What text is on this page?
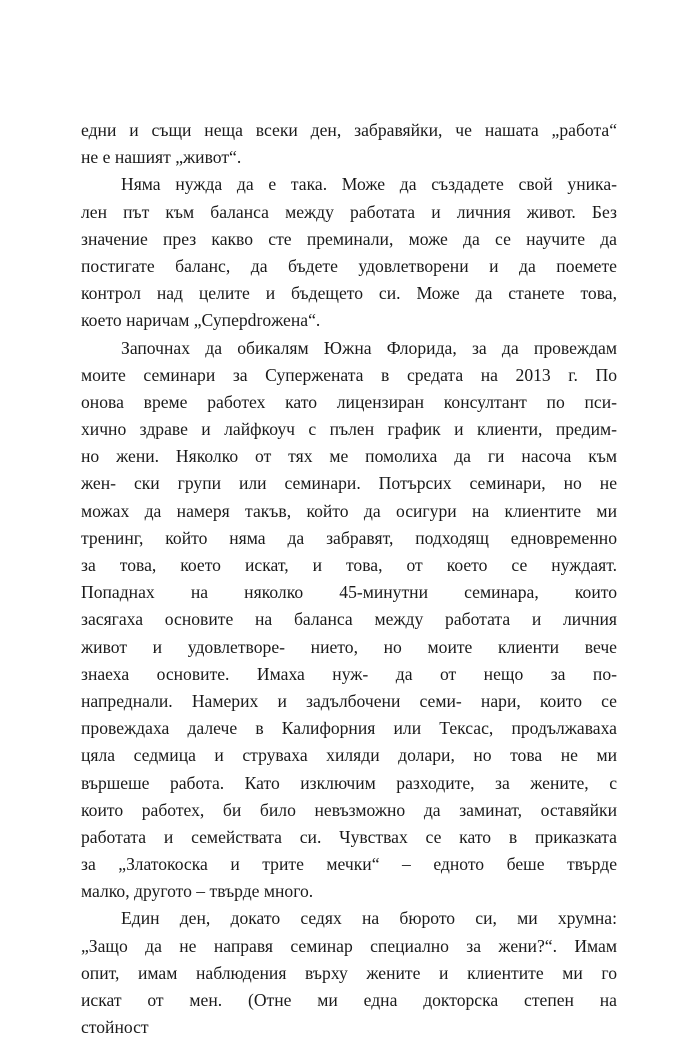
едни и същи неща всеки ден, забравяйки, че нашата „работа“
не е нашият „живот“.
Няма нужда да е така. Може да създадете свой уника-
лен път към баланса между работата и личния живот. Без
значение през какво сте преминали, може да се научите да
постигате баланс, да бъдете удовлетворени и да поемете
контрол над целите и бъдещето си. Може да станете това,
което наричам „Суперdroжена“.
Започнах да обикалям Южна Флорида, за да провеждам
моите семинари за Супержената в средата на 2013 г. По
онова време работех като лицензиран консултант по пси-
хично здраве и лайфкоуч с пълен график и клиенти, предим-
но жени. Няколко от тях ме помолиха да ги насоча към
жен- ски групи или семинари. Потърсих семинари, но не
можах да намеря такъв, който да осигури на клиентите ми
тренинг, който няма да забравят, подходящ едновременно
за това, което искат, и това, от което се нуждаят.
Попаднах на няколко 45-минутни семинара, които
засягаха основите на баланса между работата и личния
живот и удовлетворе- нието, но моите клиенти вече
знаеха основите. Имаха нуж- да от нещо за по-
напреднали. Намерих и задълбочени семи- нари, които се
провеждаха далече в Калифорния или Тексас, продължаваха
цяла седмица и струваха хиляди долари, но това не ми
вършеше работа. Като изключим разходите, за жените, с
които работех, би било невъзможно да заминат, оставяйки
работата и семействата си. Чувствах се като в приказката
за „Златокоска и трите мечки“ – едното беше твърде
малко, другото – твърде много.
Един ден, докато седях на бюрото си, ми хрумна:
„Защо да не направя семинар специално за жени?“. Имам
опит, имам наблюдения върху жените и клиентите ми го
искат от мен. (Отне ми една докторска степен на
стойност
